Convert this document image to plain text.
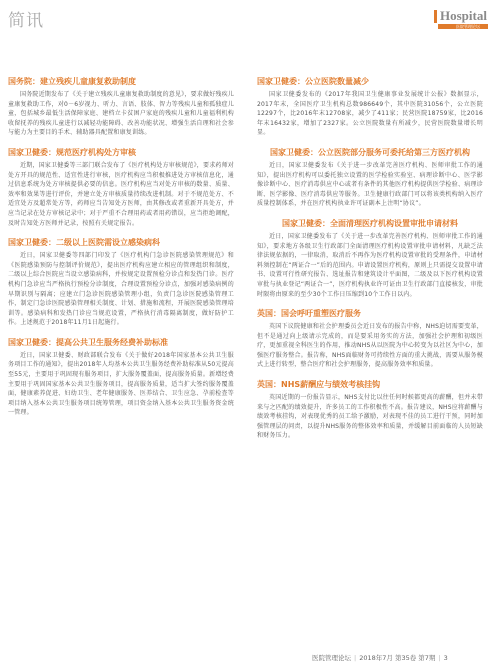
简讯	Hospital
医院管理论坛
国务院：建立残疾儿童康复救助制度
国务院近期发布了《关于建立残疾儿童康复救助制度的意见》，要求做好残疾儿童康复救助工作，对0－6岁视力、听力、言语、肢体、智力等残疾儿童和孤独症儿童，包括城乡最低生活保障家庭、建档立卡贫困户家庭的残疾儿童和儿童福利机构收留抚养的残疾儿童进行以减轻功能障碍、改善功能状况、增强生活自理和社会参与能力为主要目的手术、辅助器具配置和康复训练。
国家卫健委：规范医疗机构处方审核
近期，国家卫健委等三部门联合发布了《医疗机构处方审核规范》，要求药师对处方开具的规范性、适宜性进行审核，医疗机构应当积极推进处方审核信息化，通过信息系统为处方审核提供必要的信息。医疗机构应当对处方审核的数量、质量、效率和效果等进行评价，并建立处方审核质量持续改进机制。对于不规范处方、不适宜处方及超常处方等，药师应当告知处方医师，由其修改或者重新开具处方，并应当记录在处方审核记录中；对于严重不合理用药或者用药错误，应当拒绝调配，及时告知处方医师并记录，按照有关规定报告。
国家卫健委：二级以上医院需设立感染病科
近日，国家卫健委等四部门印发了《医疗机构门急诊医院感染管理规范》和《医院感染预防与控制评价规范》，提出医疗机构应建立相应的管理组织和制度，二级以上综合医院应当设立感染病科，并按规定设置预检分诊点和发热门诊。医疗机构门急诊应当严格执行预检分诊制度，合理设置预检分诊点，加强对感染病例的早期识别与隔离；应建立门急诊医院感染管理小组，负责门急诊医院感染管理工作，制定门急诊医院感染管理相关制度、计划、措施和流程，开展医院感染管理培训等。感染病科和发热门诊应当规范设置，严格执行消毒隔离制度，做好防护工作。上述规范于2018年11月1日起施行。
国家卫健委：提高公共卫生服务经费补助标准
近日，国家卫健委、财政部联合发布《关于做好2018年国家基本公共卫生服务项目工作的通知》，提出2018年人均基本公共卫生服务经费补助标准从50元提高至55元，主要用于巩固现有服务项目，扩大服务覆盖面，提高服务质量。新增经费主要用于巩固国家基本公共卫生服务项目，提高服务质量，适当扩大签约服务覆盖面，健康素养促进、妇幼卫生、老年健康服务、医养结合、卫生应急、孕前检查等项目纳入基本公共卫生服务项目统筹管理，项目资金纳入基本公共卫生服务资金统一管理。
国家卫健委：公立医院数量减少
国家卫健委发布的《2017年我国卫生健康事业发展统计公报》数据显示，2017年末，全国医疗卫生机构总数986649个，其中医院31056个，公立医院12297个，比2016年末12708家，减少了411家；民营医院18759家，比2016年末16432家，增加了2327家。公立医院数量有所减少，民营医院数量增长明显。
国家卫健委：公立医院部分服务可委托给第三方医疗机构
近日，国家卫健委发布《关于进一步改革完善医疗机构、医师审批工作的通知》，提出医疗机构可以委托独立设置的医学检验实验室、病理诊断中心、医学影像诊断中心、医疗消毒供应中心或者有条件的其他医疗机构提供医学检验、病理诊断、医学影像、医疗消毒供应等服务。卫生健康行政部门可以将该类机构纳入医疗质量控制体系，并在医疗机构执业许可证副本上注明“协议”。
国家卫健委：全面清理医疗机构设置审批申请材料
近日，国家卫健委发布了《关于进一步改革完善医疗机构、医师审批工作的通知》，要求地方各级卫生行政部门全面清理医疗机构设置审批申请材料，凡缺乏法律法规依据的，一律取消，取消后不再作为医疗机构设置审批的受理条件，申请材料须控制在“两证合一”后的范围内。申请设置医疗机构，原则上只需提交设置申请书、设置可行性研究报告、选址报告和建筑设计平面图，二级及以下医疗机构设置审批与执业登记“两证合一”，医疗机构执业许可证由卫生行政部门直接核发，审批时限将由原来的至少30个工作日压缩到10个工作日以内。
英国：国会呼吁重塑医疗服务
英国下议院健康和社会护理委员会近日发布的报告中称，NHS迫切需要变革，但不是通过向上级请示完成的，而是要采用务实的方法，加强社会护理和初级医疗，更加重视全科医生的作用，推动NHS从以医院为中心转变为以社区为中心，加强医疗服务整合。报告称，NHS面临财务可持续性方面的重大挑战，需要从服务模式上进行转型，整合医疗和社会护理服务，提高服务效率和质量。
英国：NHS薪酬应与绩效考核挂钩
英国近期的一份报告显示，NHS支付比以往任何时候都更高的薪酬，但并未带来与之匹配的绩效提升，许多员工的工作积极性不高。报告建议，NHS应将薪酬与绩效考核挂钩，对表现优秀的员工给予激励，对表现不佳的员工进行干预，同时加强管理层的问责，以提升NHS服务的整体效率和质量，并缓解目前面临的人员短缺和财务压力。
医院管理论坛 | 2018年7月 第35卷 第7期 | 3
